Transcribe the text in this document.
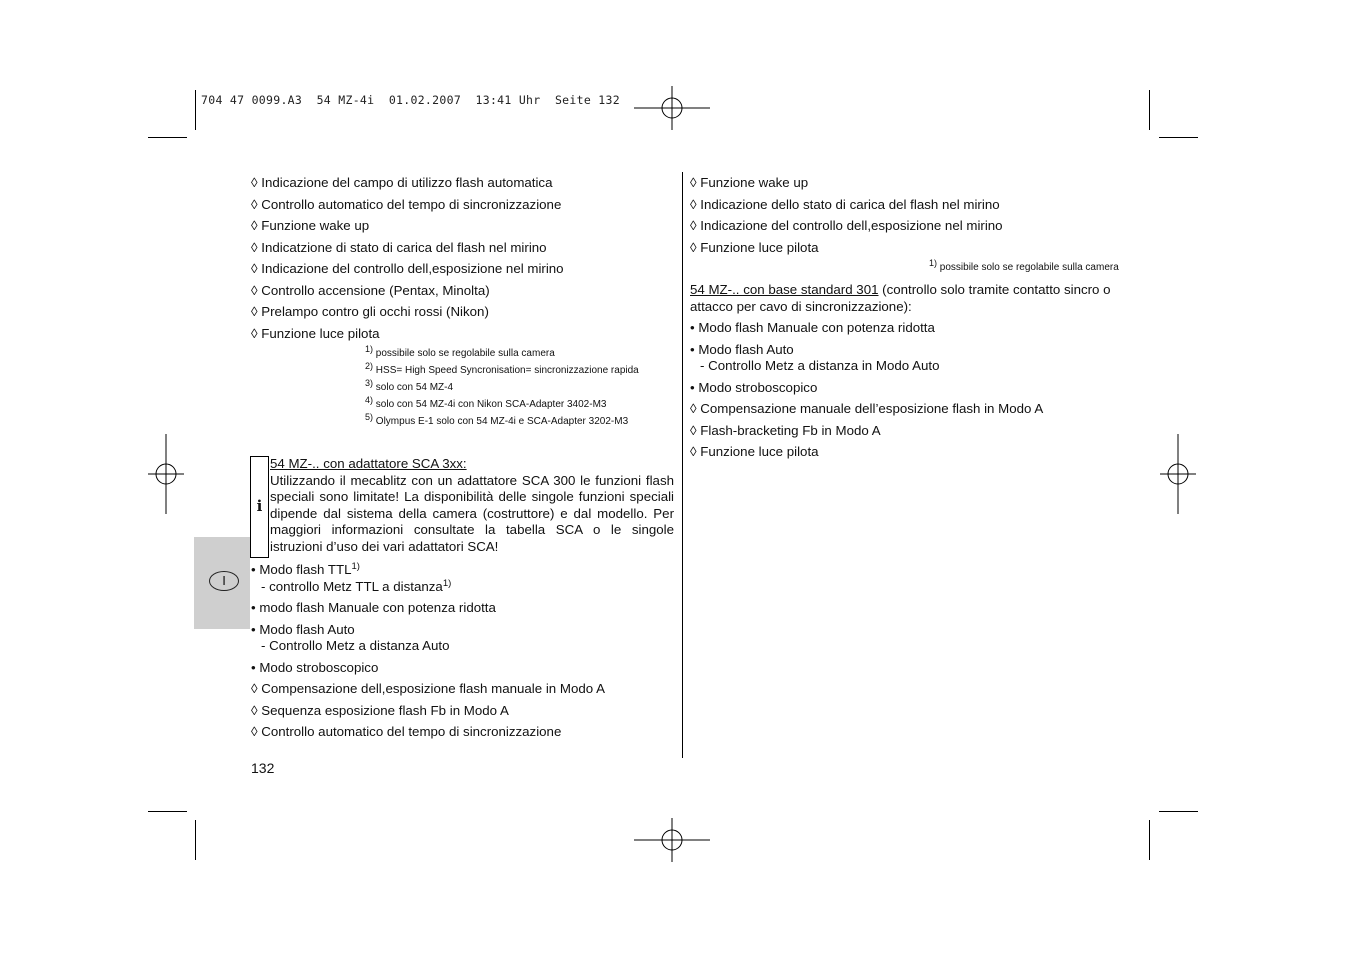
704 47 0099.A3  54 MZ-4i  01.02.2007  13:41 Uhr  Seite 132
I
◊ Indicazione del campo di utilizzo flash automatica
◊ Controllo automatico del tempo di sincronizzazione
◊ Funzione wake up
◊ Indicatzione di stato di carica del flash nel mirino
◊ Indicazione del controllo dell,esposizione nel mirino
◊ Controllo accensione (Pentax, Minolta)
◊ Prelampo contro gli occhi rossi (Nikon)
◊ Funzione luce pilota
$^{1)}$ possibile solo se regolabile sulla camera
$^{2)}$ HSS= High Speed Syncronisation= sincronizzazione rapida
$^{3)}$ solo con 54 MZ-4
$^{4)}$ solo con 54 MZ-4i con Nikon SCA-Adapter 3402-M3
$^{5)}$ Olympus E-1 solo con 54 MZ-4i e SCA-Adapter 3202-M3
i
54 MZ-.. con adattatore SCA 3xx:
Utilizzando il mecablitz con un adattatore SCA 300 le funzioni flash speciali sono limitate! La disponibilità delle singole funzioni speciali dipende dal sistema della camera (costruttore) e dal modello. Per maggiori informazioni consultate la tabella SCA o le singole istruzioni d’uso dei vari adattatori SCA!
• Modo flash TTL$^{1)}$
- controllo Metz TTL a distanza$^{1)}$
• modo flash Manuale con potenza ridotta
• Modo flash Auto
- Controllo Metz a distanza Auto
• Modo stroboscopico
◊ Compensazione dell,esposizione flash manuale in Modo A
◊ Sequenza esposizione flash Fb in Modo A
◊ Controllo automatico del tempo di sincronizzazione
◊ Funzione wake up
◊ Indicazione dello stato di carica del flash nel mirino
◊ Indicazione del controllo dell,esposizione nel mirino
◊ Funzione luce pilota
$^{1)}$ possibile solo se regolabile sulla camera
54 MZ-.. con base standard 301 (controllo solo tramite contatto sincro o
attacco per cavo di sincronizzazione):
• Modo flash Manuale con potenza ridotta
• Modo flash Auto
- Controllo Metz a distanza in Modo Auto
• Modo stroboscopico
◊ Compensazione manuale dell’esposizione flash in Modo A
◊ Flash-bracketing Fb in Modo A
◊ Funzione luce pilota
132
